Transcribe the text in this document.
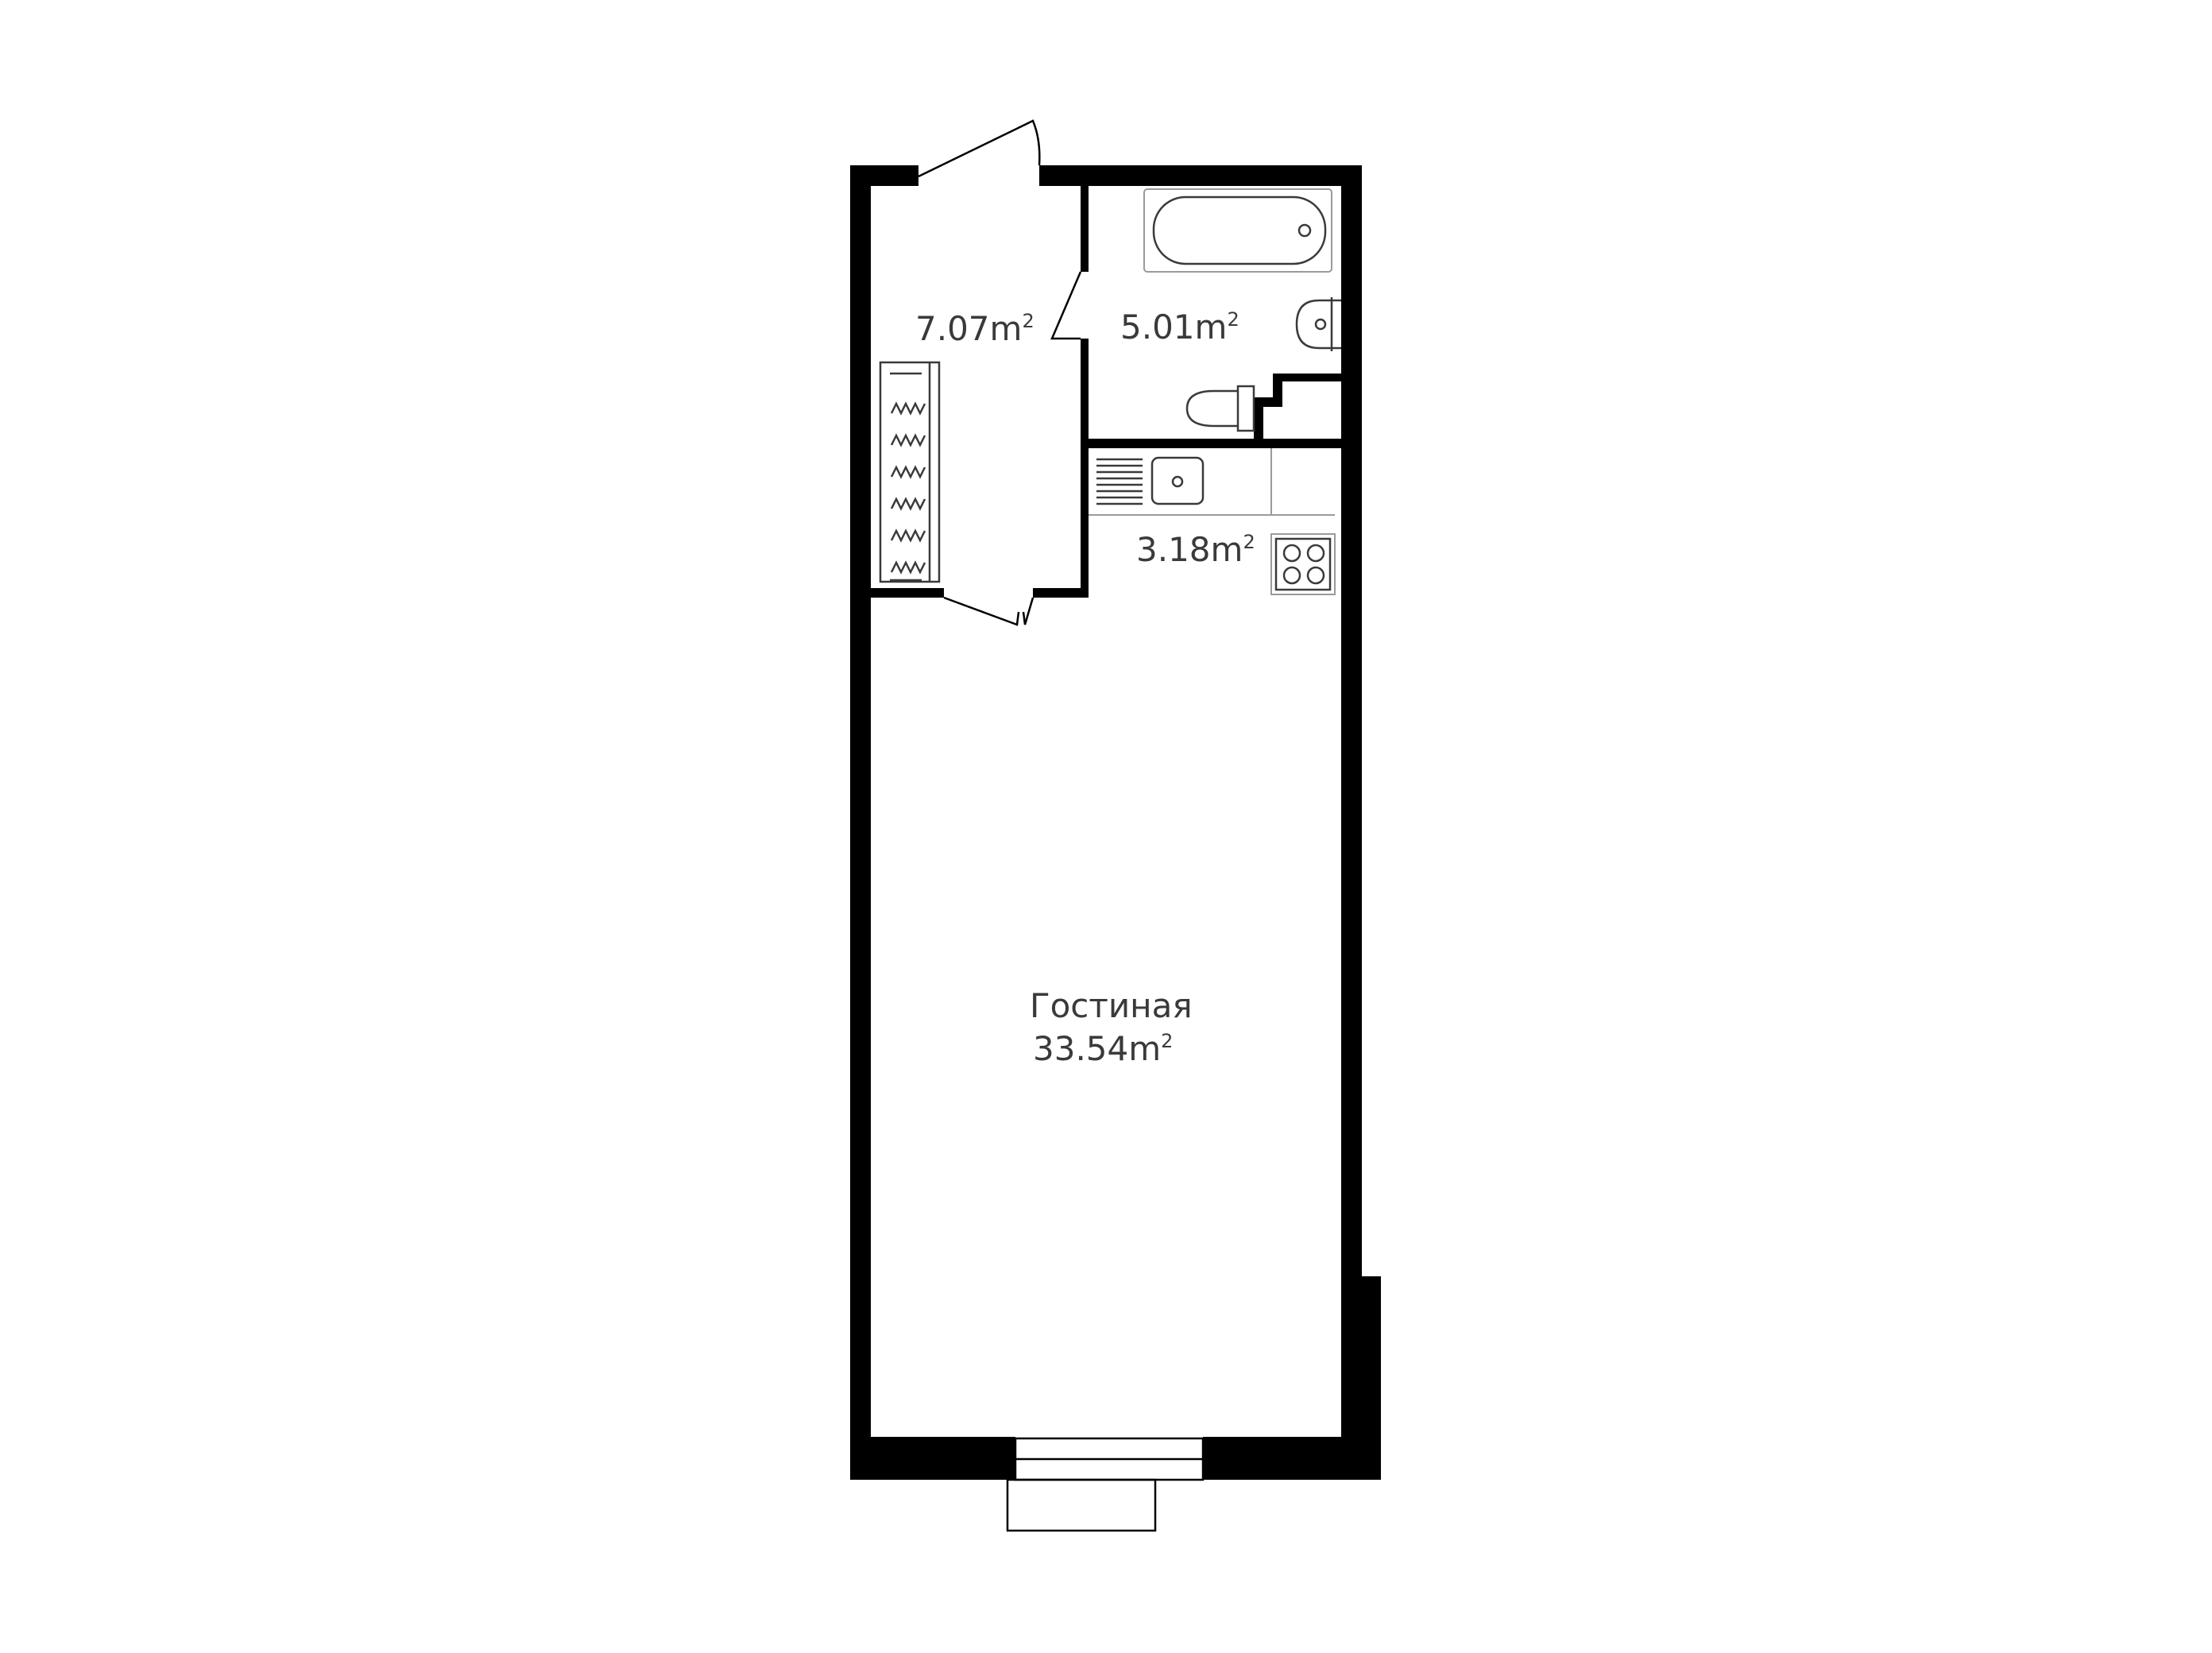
$7.07m^2$	$5.01m^2$
$3.18m^2$
Гостиная
$33.54m^2$
